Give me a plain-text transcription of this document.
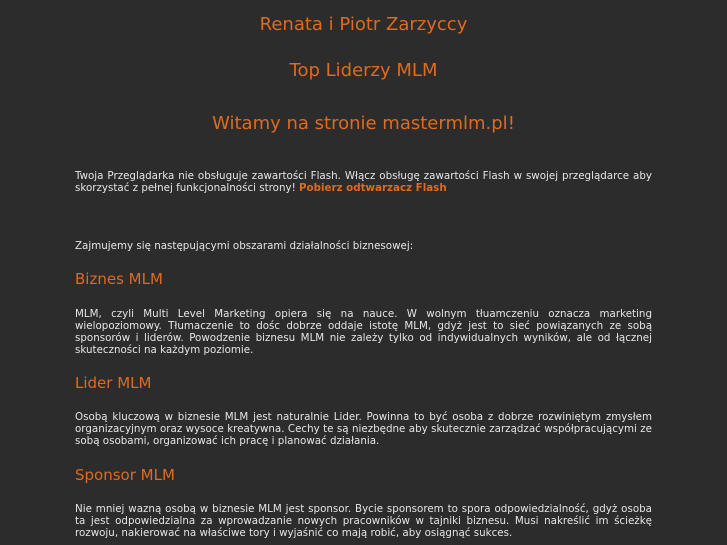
Renata i Piotr Zarzyccy
Top Liderzy MLM
Witamy na stronie mastermlm.pl!

Twoja Przeglądarka nie obsługuje zawartości Flash. Włącz obsługę zawartości Flash w swojej przeglądarce aby skorzystać z pełnej funkcjonalności strony! Pobierz odtwarzacz Flash

Zajmujemy się następującymi obszarami działalności biznesowej:

Biznes MLM

MLM, czyli Multi Level Marketing opiera się na nauce. W wolnym tłuamczeniu oznacza marketing wielopoziomowy. Tłumaczenie to dośc dobrze oddaje istotę MLM, gdyż jest to sieć powiązanych ze sobą sponsorów i liderów. Powodzenie biznesu MLM nie zależy tylko od indywidualnych wyników, ale od łącznej skuteczności na każdym poziomie.

Lider MLM

Osobą kluczową w biznesie MLM jest naturalnie Lider. Powinna to być osoba z dobrze rozwiniętym zmysłem organizacyjnym oraz wysoce kreatywna. Cechy te są niezbędne aby skutecznie zarządzać współpracującymi ze sobą osobami, organizować ich pracę i planować działania.

Sponsor MLM

Nie mniej wazną osobą w biznesie MLM jest sponsor. Bycie sponsorem to spora odpowiedzialność, gdyż osoba ta jest odpowiedzialna za wprowadzanie nowych pracowników w tajniki biznesu. Musi nakreślić im ścieżkę rozwoju, nakierować na właściwe tory i wyjaśnić co mają robić, aby osiągnąć sukces.
